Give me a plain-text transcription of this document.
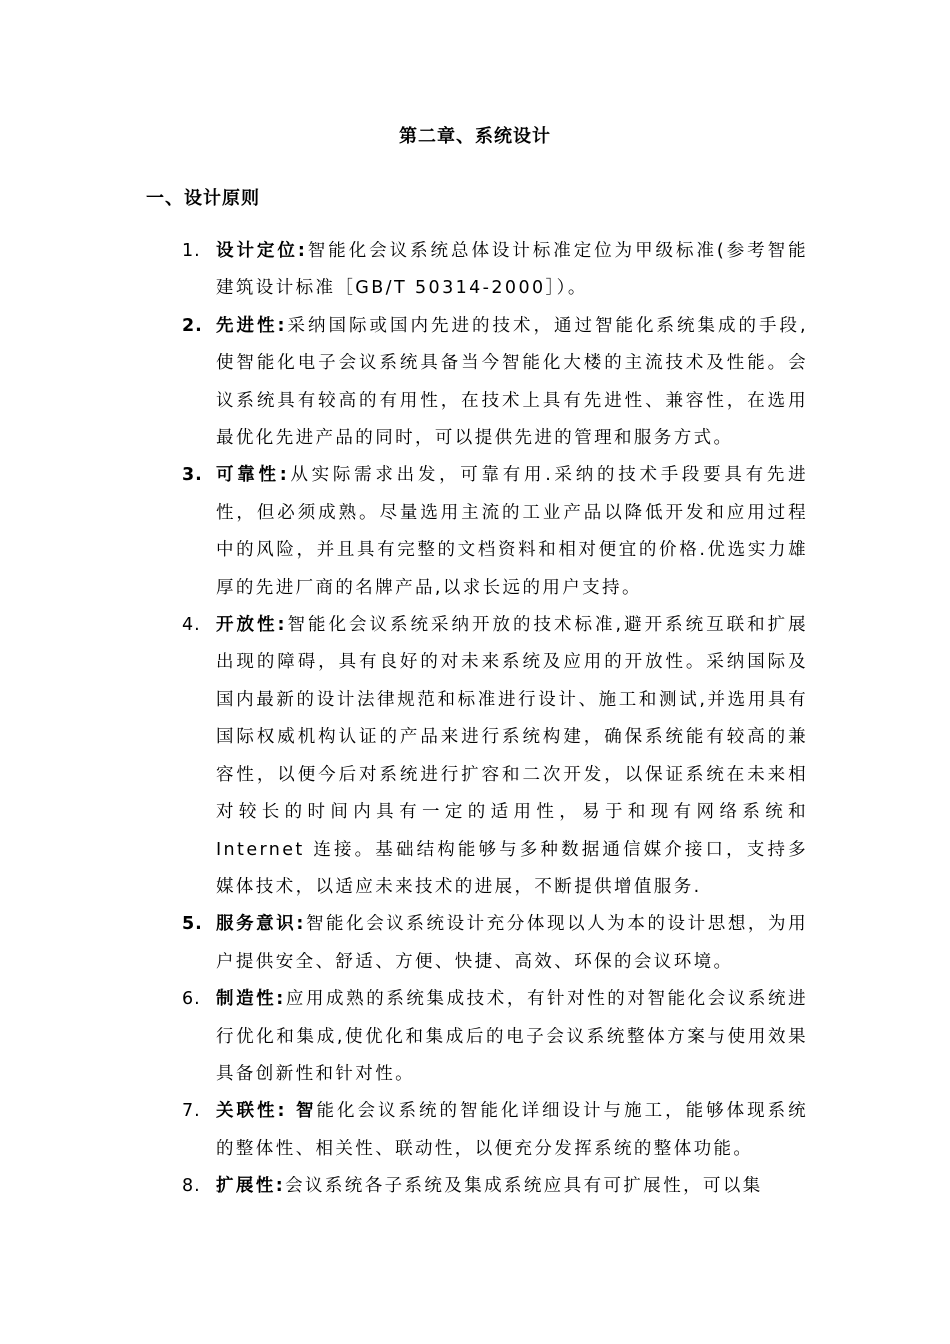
第二章、系统设计
一、设计原则
1. 设计定位:智能化会议系统总体设计标准定位为甲级标准(参考智能建筑设计标准［GB/T 50314-2000］）。
2. 先进性:采纳国际或国内先进的技术，通过智能化系统集成的手段,使智能化电子会议系统具备当今智能化大楼的主流技术及性能。会议系统具有较高的有用性，在技术上具有先进性、兼容性，在选用最优化先进产品的同时，可以提供先进的管理和服务方式。
3. 可靠性:从实际需求出发，可靠有用.采纳的技术手段要具有先进性，但必须成熟。尽量选用主流的工业产品以降低开发和应用过程中的风险，并且具有完整的文档资料和相对便宜的价格.优选实力雄厚的先进厂商的名牌产品,以求长远的用户支持。
4. 开放性:智能化会议系统采纳开放的技术标准,避开系统互联和扩展出现的障碍，具有良好的对未来系统及应用的开放性。采纳国际及国内最新的设计法律规范和标准进行设计、施工和测试,并选用具有国际权威机构认证的产品来进行系统构建，确保系统能有较高的兼容性，以便今后对系统进行扩容和二次开发，以保证系统在未来相对较长的时间内具有一定的适用性，易于和现有网络系统和 Internet 连接。基础结构能够与多种数据通信媒介接口，支持多媒体技术，以适应未来技术的进展，不断提供增值服务.
5. 服务意识:智能化会议系统设计充分体现以人为本的设计思想，为用户提供安全、舒适、方便、快捷、高效、环保的会议环境。
6. 制造性:应用成熟的系统集成技术，有针对性的对智能化会议系统进行优化和集成,使优化和集成后的电子会议系统整体方案与使用效果具备创新性和针对性。
7. 关联性: 智能化会议系统的智能化详细设计与施工，能够体现系统的整体性、相关性、联动性，以便充分发挥系统的整体功能。
8. 扩展性:会议系统各子系统及集成系统应具有可扩展性，可以集
